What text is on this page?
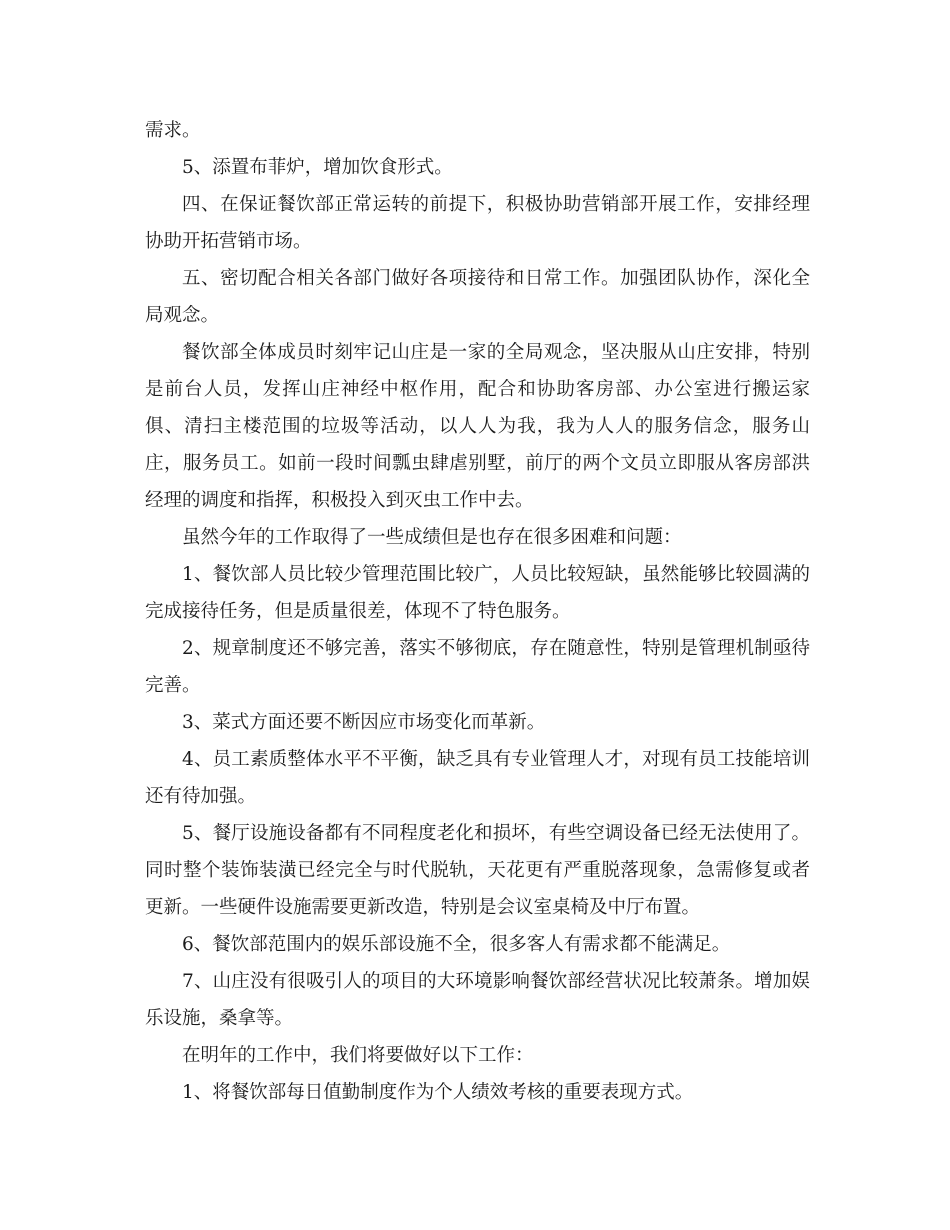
需求。

5、添置布菲炉，增加饮食形式。

四、在保证餐饮部正常运转的前提下，积极协助营销部开展工作，安排经理协助开拓营销市场。

五、密切配合相关各部门做好各项接待和日常工作。加强团队协作，深化全局观念。

餐饮部全体成员时刻牢记山庄是一家的全局观念，坚决服从山庄安排，特别是前台人员，发挥山庄神经中枢作用，配合和协助客房部、办公室进行搬运家俱、清扫主楼范围的垃圾等活动，以人人为我，我为人人的服务信念，服务山庄，服务员工。如前一段时间瓢虫肆虐别墅，前厅的两个文员立即服从客房部洪经理的调度和指挥，积极投入到灭虫工作中去。

虽然今年的工作取得了一些成绩但是也存在很多困难和问题：

1、餐饮部人员比较少管理范围比较广，人员比较短缺，虽然能够比较圆满的完成接待任务，但是质量很差，体现不了特色服务。

2、规章制度还不够完善，落实不够彻底，存在随意性，特别是管理机制亟待完善。

3、菜式方面还要不断因应市场变化而革新。

4、员工素质整体水平不平衡，缺乏具有专业管理人才，对现有员工技能培训还有待加强。

5、餐厅设施设备都有不同程度老化和损坏，有些空调设备已经无法使用了。同时整个装饰装潢已经完全与时代脱轨，天花更有严重脱落现象，急需修复或者更新。一些硬件设施需要更新改造，特别是会议室桌椅及中厅布置。

6、餐饮部范围内的娱乐部设施不全，很多客人有需求都不能满足。

7、山庄没有很吸引人的项目的大环境影响餐饮部经营状况比较萧条。增加娱乐设施，桑拿等。

在明年的工作中，我们将要做好以下工作：

1、将餐饮部每日值勤制度作为个人绩效考核的重要表现方式。
